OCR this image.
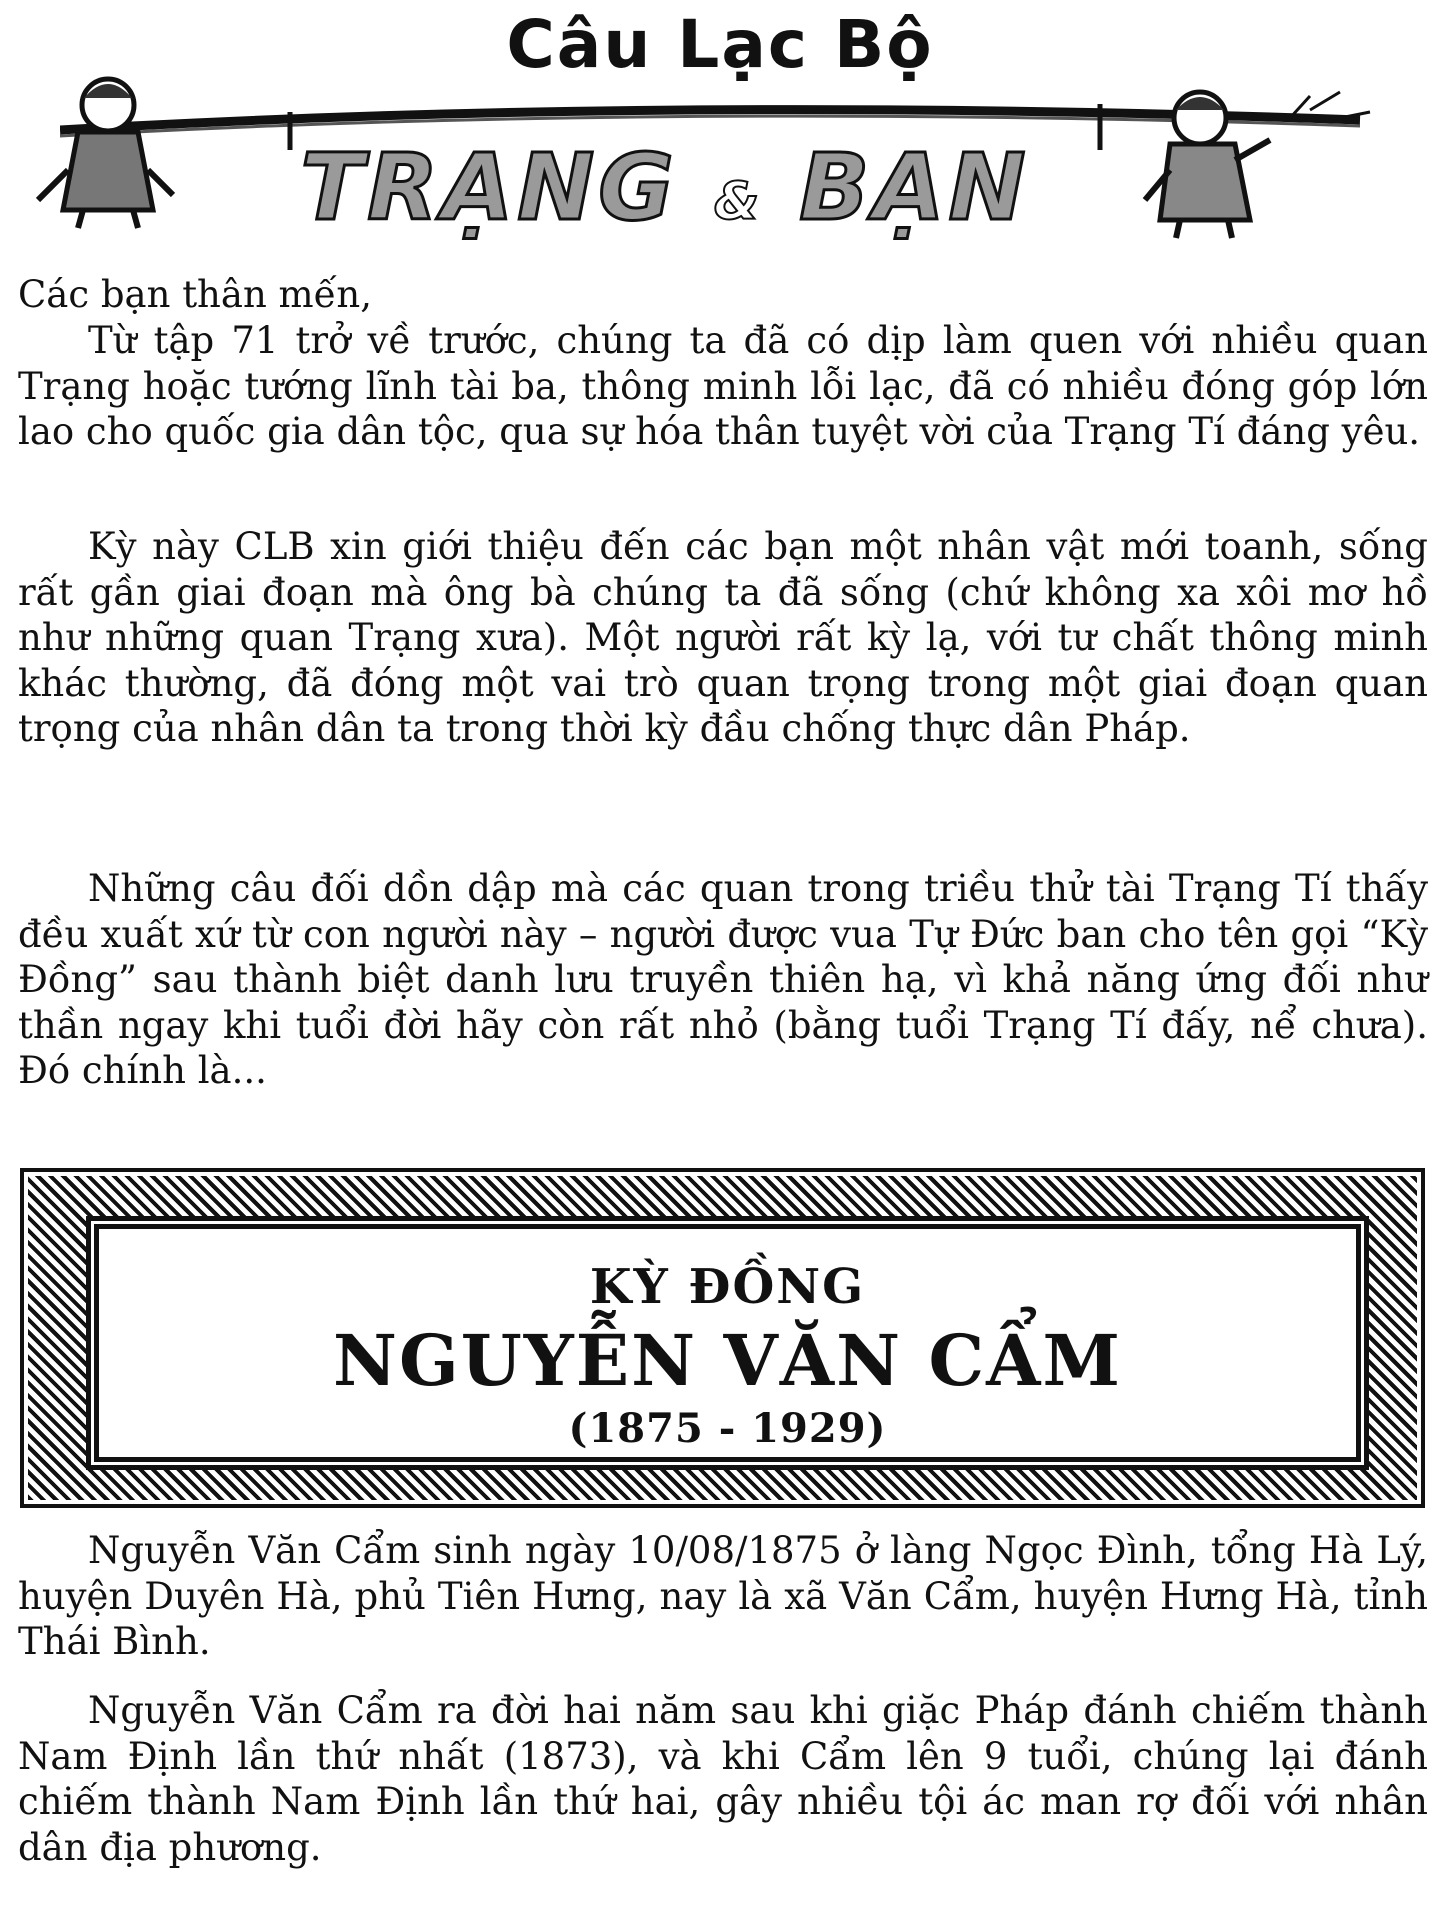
Câu Lạc Bộ
TRẠNG & BẠN

Các bạn thân mến,

Từ tập 71 trở về trước, chúng ta đã có dịp làm quen với nhiều quan Trạng hoặc tướng lĩnh tài ba, thông minh lỗi lạc, đã có nhiều đóng góp lớn lao cho quốc gia dân tộc, qua sự hóa thân tuyệt vời của Trạng Tí đáng yêu.

Kỳ này CLB xin giới thiệu đến các bạn một nhân vật mới toanh, sống rất gần giai đoạn mà ông bà chúng ta đã sống (chứ không xa xôi mơ hồ như những quan Trạng xưa). Một người rất kỳ lạ, với tư chất thông minh khác thường, đã đóng một vai trò quan trọng trong một giai đoạn quan trọng của nhân dân ta trong thời kỳ đầu chống thực dân Pháp.

Những câu đối dồn dập mà các quan trong triều thử tài Trạng Tí thấy đều xuất xứ từ con người này – người được vua Tự Đức ban cho tên gọi “Kỳ Đồng” sau thành biệt danh lưu truyền thiên hạ, vì khả năng ứng đối như thần ngay khi tuổi đời hãy còn rất nhỏ (bằng tuổi Trạng Tí đấy, nể chưa). Đó chính là...

KỲ ĐỒNG
NGUYỄN VĂN CẨM
(1875 - 1929)

Nguyễn Văn Cẩm sinh ngày 10/08/1875 ở làng Ngọc Đình, tổng Hà Lý, huyện Duyên Hà, phủ Tiên Hưng, nay là xã Văn Cẩm, huyện Hưng Hà, tỉnh Thái Bình.

Nguyễn Văn Cẩm ra đời hai năm sau khi giặc Pháp đánh chiếm thành Nam Định lần thứ nhất (1873), và khi Cẩm lên 9 tuổi, chúng lại đánh chiếm thành Nam Định lần thứ hai, gây nhiều tội ác man rợ đối với nhân dân địa phương.
